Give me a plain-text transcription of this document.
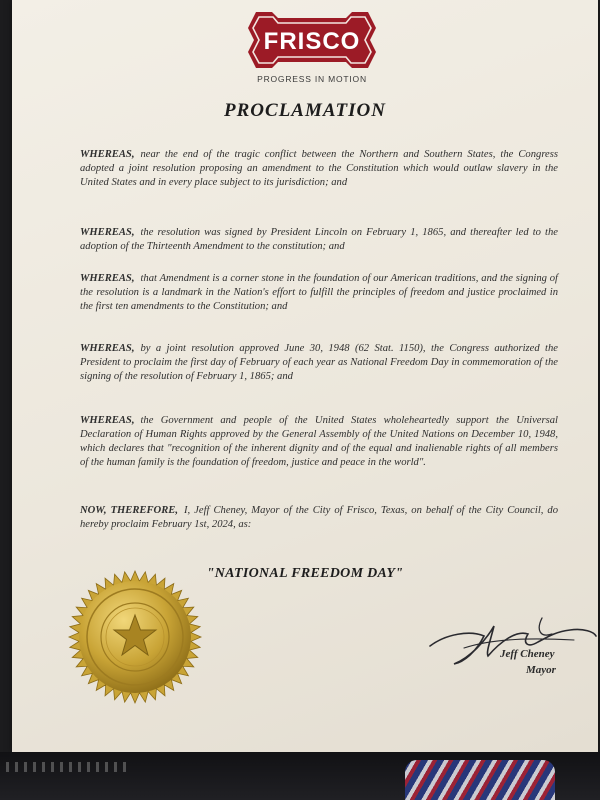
FRISCO
PROGRESS IN MOTION
PROCLAMATION

WHEREAS, near the end of the tragic conflict between the Northern and Southern States, the Congress adopted a joint resolution proposing an amendment to the Constitution which would outlaw slavery in the United States and in every place subject to its jurisdiction; and

WHEREAS, the resolution was signed by President Lincoln on February 1, 1865, and thereafter led to the adoption of the Thirteenth Amendment to the constitution; and

WHEREAS, that Amendment is a corner stone in the foundation of our American traditions, and the signing of the resolution is a landmark in the Nation's effort to fulfill the principles of freedom and justice proclaimed in the first ten amendments to the Constitution; and

WHEREAS, by a joint resolution approved June 30, 1948 (62 Stat. 1150), the Congress authorized the President to proclaim the first day of February of each year as National Freedom Day in commemoration of the signing of the resolution of February 1, 1865; and

WHEREAS, the Government and people of the United States wholeheartedly support the Universal Declaration of Human Rights approved by the General Assembly of the United Nations on December 10, 1948, which declares that "recognition of the inherent dignity and of the equal and inalienable rights of all members of the human family is the foundation of freedom, justice and peace in the world".

NOW, THEREFORE, I, Jeff Cheney, Mayor of the City of Frisco, Texas, on behalf of the City Council, do hereby proclaim February 1st, 2024, as:

"NATIONAL FREEDOM DAY"
Jeff Cheney
Mayor
